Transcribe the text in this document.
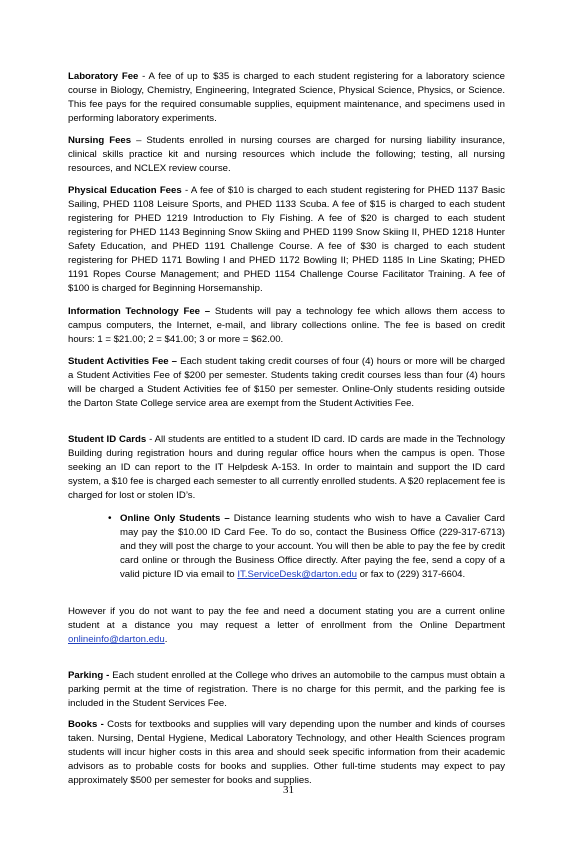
Laboratory Fee - A fee of up to $35 is charged to each student registering for a laboratory science course in Biology, Chemistry, Engineering, Integrated Science, Physical Science, Physics, or Science. This fee pays for the required consumable supplies, equipment maintenance, and specimens used in performing laboratory experiments.

Nursing Fees – Students enrolled in nursing courses are charged for nursing liability insurance, clinical skills practice kit and nursing resources which include the following; testing, all nursing resources, and NCLEX review course.

Physical Education Fees - A fee of $10 is charged to each student registering for PHED 1137 Basic Sailing, PHED 1108 Leisure Sports, and PHED 1133 Scuba. A fee of $15 is charged to each student registering for PHED 1219 Introduction to Fly Fishing. A fee of $20 is charged to each student registering for PHED 1143 Beginning Snow Skiing and PHED 1199 Snow Skiing II, PHED 1218 Hunter Safety Education, and PHED 1191 Challenge Course. A fee of $30 is charged to each student registering for PHED 1171 Bowling I and PHED 1172 Bowling II; PHED 1185 In Line Skating; PHED 1191 Ropes Course Management; and PHED 1154 Challenge Course Facilitator Training. A fee of $100 is charged for Beginning Horsemanship.

Information Technology Fee – Students will pay a technology fee which allows them access to campus computers, the Internet, e-mail, and library collections online. The fee is based on credit hours: 1 = $21.00; 2 = $41.00; 3 or more = $62.00.

Student Activities Fee – Each student taking credit courses of four (4) hours or more will be charged a Student Activities Fee of $200 per semester. Students taking credit courses less than four (4) hours will be charged a Student Activities fee of $150 per semester. Online-Only students residing outside the Darton State College service area are exempt from the Student Activities Fee.

Student ID Cards - All students are entitled to a student ID card. ID cards are made in the Technology Building during registration hours and during regular office hours when the campus is open. Those seeking an ID can report to the IT Helpdesk A-153. In order to maintain and support the ID card system, a $10 fee is charged each semester to all currently enrolled students. A $20 replacement fee is charged for lost or stolen ID’s.

• Online Only Students – Distance learning students who wish to have a Cavalier Card may pay the $10.00 ID Card Fee. To do so, contact the Business Office (229-317-6713) and they will post the charge to your account. You will then be able to pay the fee by credit card online or through the Business Office directly. After paying the fee, send a copy of a valid picture ID via email to IT.ServiceDesk@darton.edu or fax to (229) 317-6604.

However if you do not want to pay the fee and need a document stating you are a current online student at a distance you may request a letter of enrollment from the Online Department onlineinfo@darton.edu.

Parking - Each student enrolled at the College who drives an automobile to the campus must obtain a parking permit at the time of registration. There is no charge for this permit, and the parking fee is included in the Student Services Fee.

Books - Costs for textbooks and supplies will vary depending upon the number and kinds of courses taken. Nursing, Dental Hygiene, Medical Laboratory Technology, and other Health Sciences program students will incur higher costs in this area and should seek specific information from their academic advisors as to probable costs for books and supplies. Other full-time students may expect to pay approximately $500 per semester for books and supplies.

31
